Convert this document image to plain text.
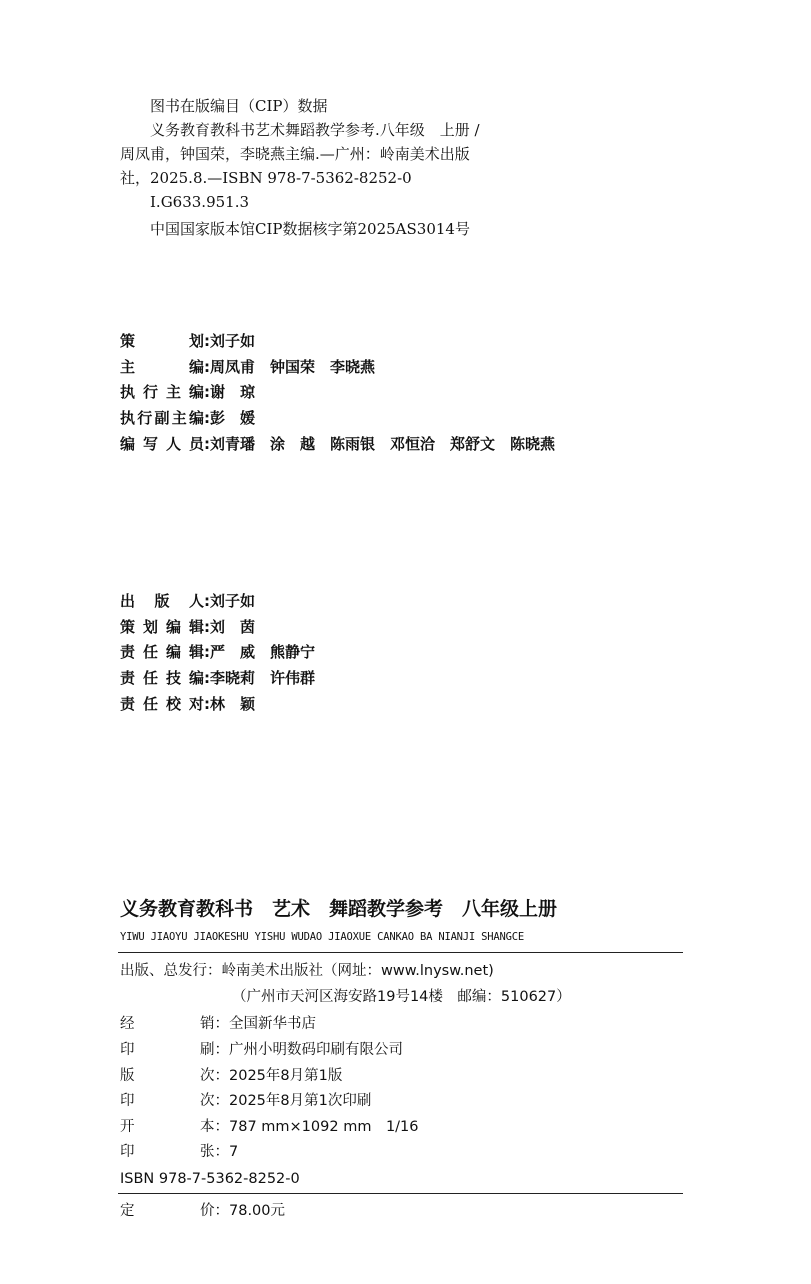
图书在版编目（CIP）数据
义务教育教科书艺术舞蹈教学参考.八年级　上册 /
周凤甫，钟国荣，李晓燕主编.—广州：岭南美术出版
社，2025.8.—ISBN 978-7-5362-8252-0
Ⅰ.G633.951.3
中国国家版本馆CIP数据核字第2025AS3014号
策划:刘子如
主编:周凤甫　钟国荣　李晓燕
执行主编:谢　琼
执行副主编:彭　媛
编写人员:刘青璠　涂　越　陈雨银　邓恒洽　郑舒文　陈晓燕
出版人:刘子如
策划编辑:刘　茵
责任编辑:严　威　熊静宁
责任技编:李晓莉　许伟群
责任校对:林　颖
义务教育教科书　艺术　舞蹈教学参考　八年级上册
YIWU JIAOYU JIAOKESHU YISHU WUDAO JIAOXUE CANKAO BA NIANJI SHANGCE
出版、总发行：岭南美术出版社（网址：www.lnysw.net)
（广州市天河区海安路19号14楼　邮编：510627）
经	销：全国新华书店
印	刷：广州小明数码印刷有限公司
版	次：2025年8月第1版
印	次：2025年8月第1次印刷
开	本：787 mm×1092 mm　1/16
印	张：7
ISBN 978-7-5362-8252-0
定	价：78.00元
